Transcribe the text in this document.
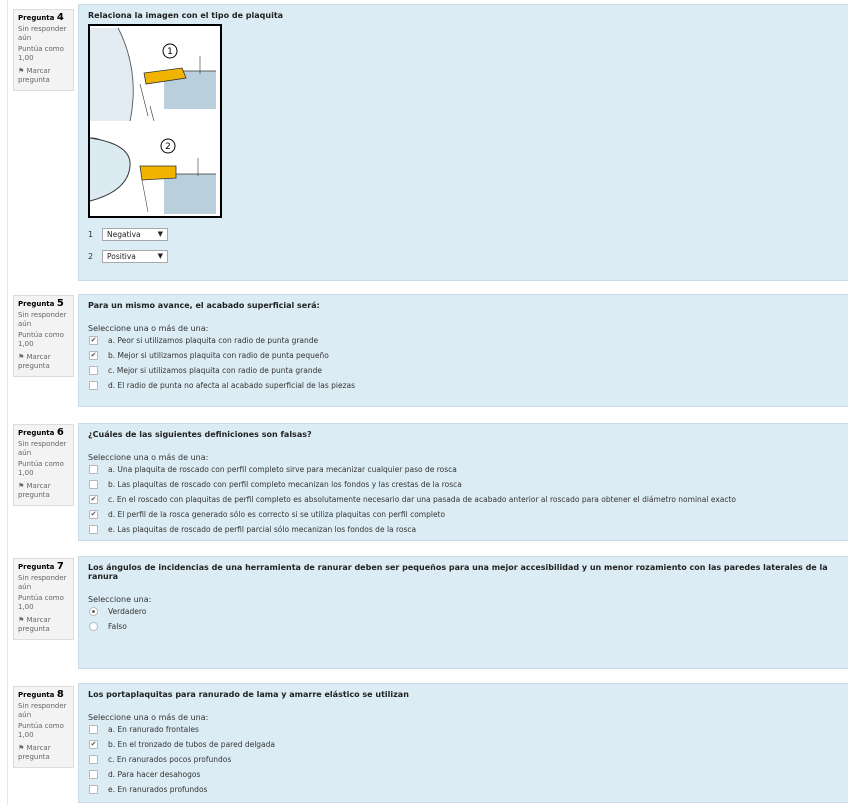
Pregunta 4
Sin responder aún
Puntúa como 1,00
⚑ Marcar pregunta
Relaciona la imagen con el tipo de plaquita
1
2
1	Negativa ▼
2	Positiva	▼
Pregunta 5
Sin responder aún
Puntúa como 1,00
⚑ Marcar pregunta
Para un mismo avance, el acabado superficial será:
Seleccione una o más de una:
✔ a. Peor si utilizamos plaquita con radio de punta grande
✔ b. Mejor si utilizamos plaquita con radio de punta pequeño
c. Mejor si utilizamos plaquita con radio de punta grande
d. El radio de punta no afecta al acabado superficial de las piezas
Pregunta 6
Sin responder aún
Puntúa como 1,00
⚑ Marcar pregunta
¿Cuáles de las siguientes definiciones son falsas?
Seleccione una o más de una:
a. Una plaquita de roscado con perfil completo sirve para mecanizar cualquier paso de rosca
b. Las plaquitas de roscado con perfil completo mecanizan los fondos y las crestas de la rosca
✔ c. En el roscado con plaquitas de perfil completo es absolutamente necesario dar una pasada de acabado anterior al roscado para obtener el diámetro nominal exacto
✔ d. El perfil de la rosca generado sólo es correcto si se utiliza plaquitas con perfil completo
e. Las plaquitas de roscado de perfil parcial sólo mecanizan los fondos de la rosca
Pregunta 7
Sin responder aún
Puntúa como 1,00
⚑ Marcar pregunta
Los ángulos de incidencias de una herramienta de ranurar deben ser pequeños para una mejor accesibilidad y un menor rozamiento con las paredes laterales de la ranura
Seleccione una:
Verdadero
Falso
Pregunta 8
Sin responder aún
Puntúa como 1,00
⚑ Marcar pregunta
Los portaplaquitas para ranurado de lama y amarre elástico se utilizan
Seleccione una o más de una:
a. En ranurado frontales
✔ b. En el tronzado de tubos de pared delgada
c. En ranurados pocos profundos
d. Para hacer desahogos
e. En ranurados profundos
